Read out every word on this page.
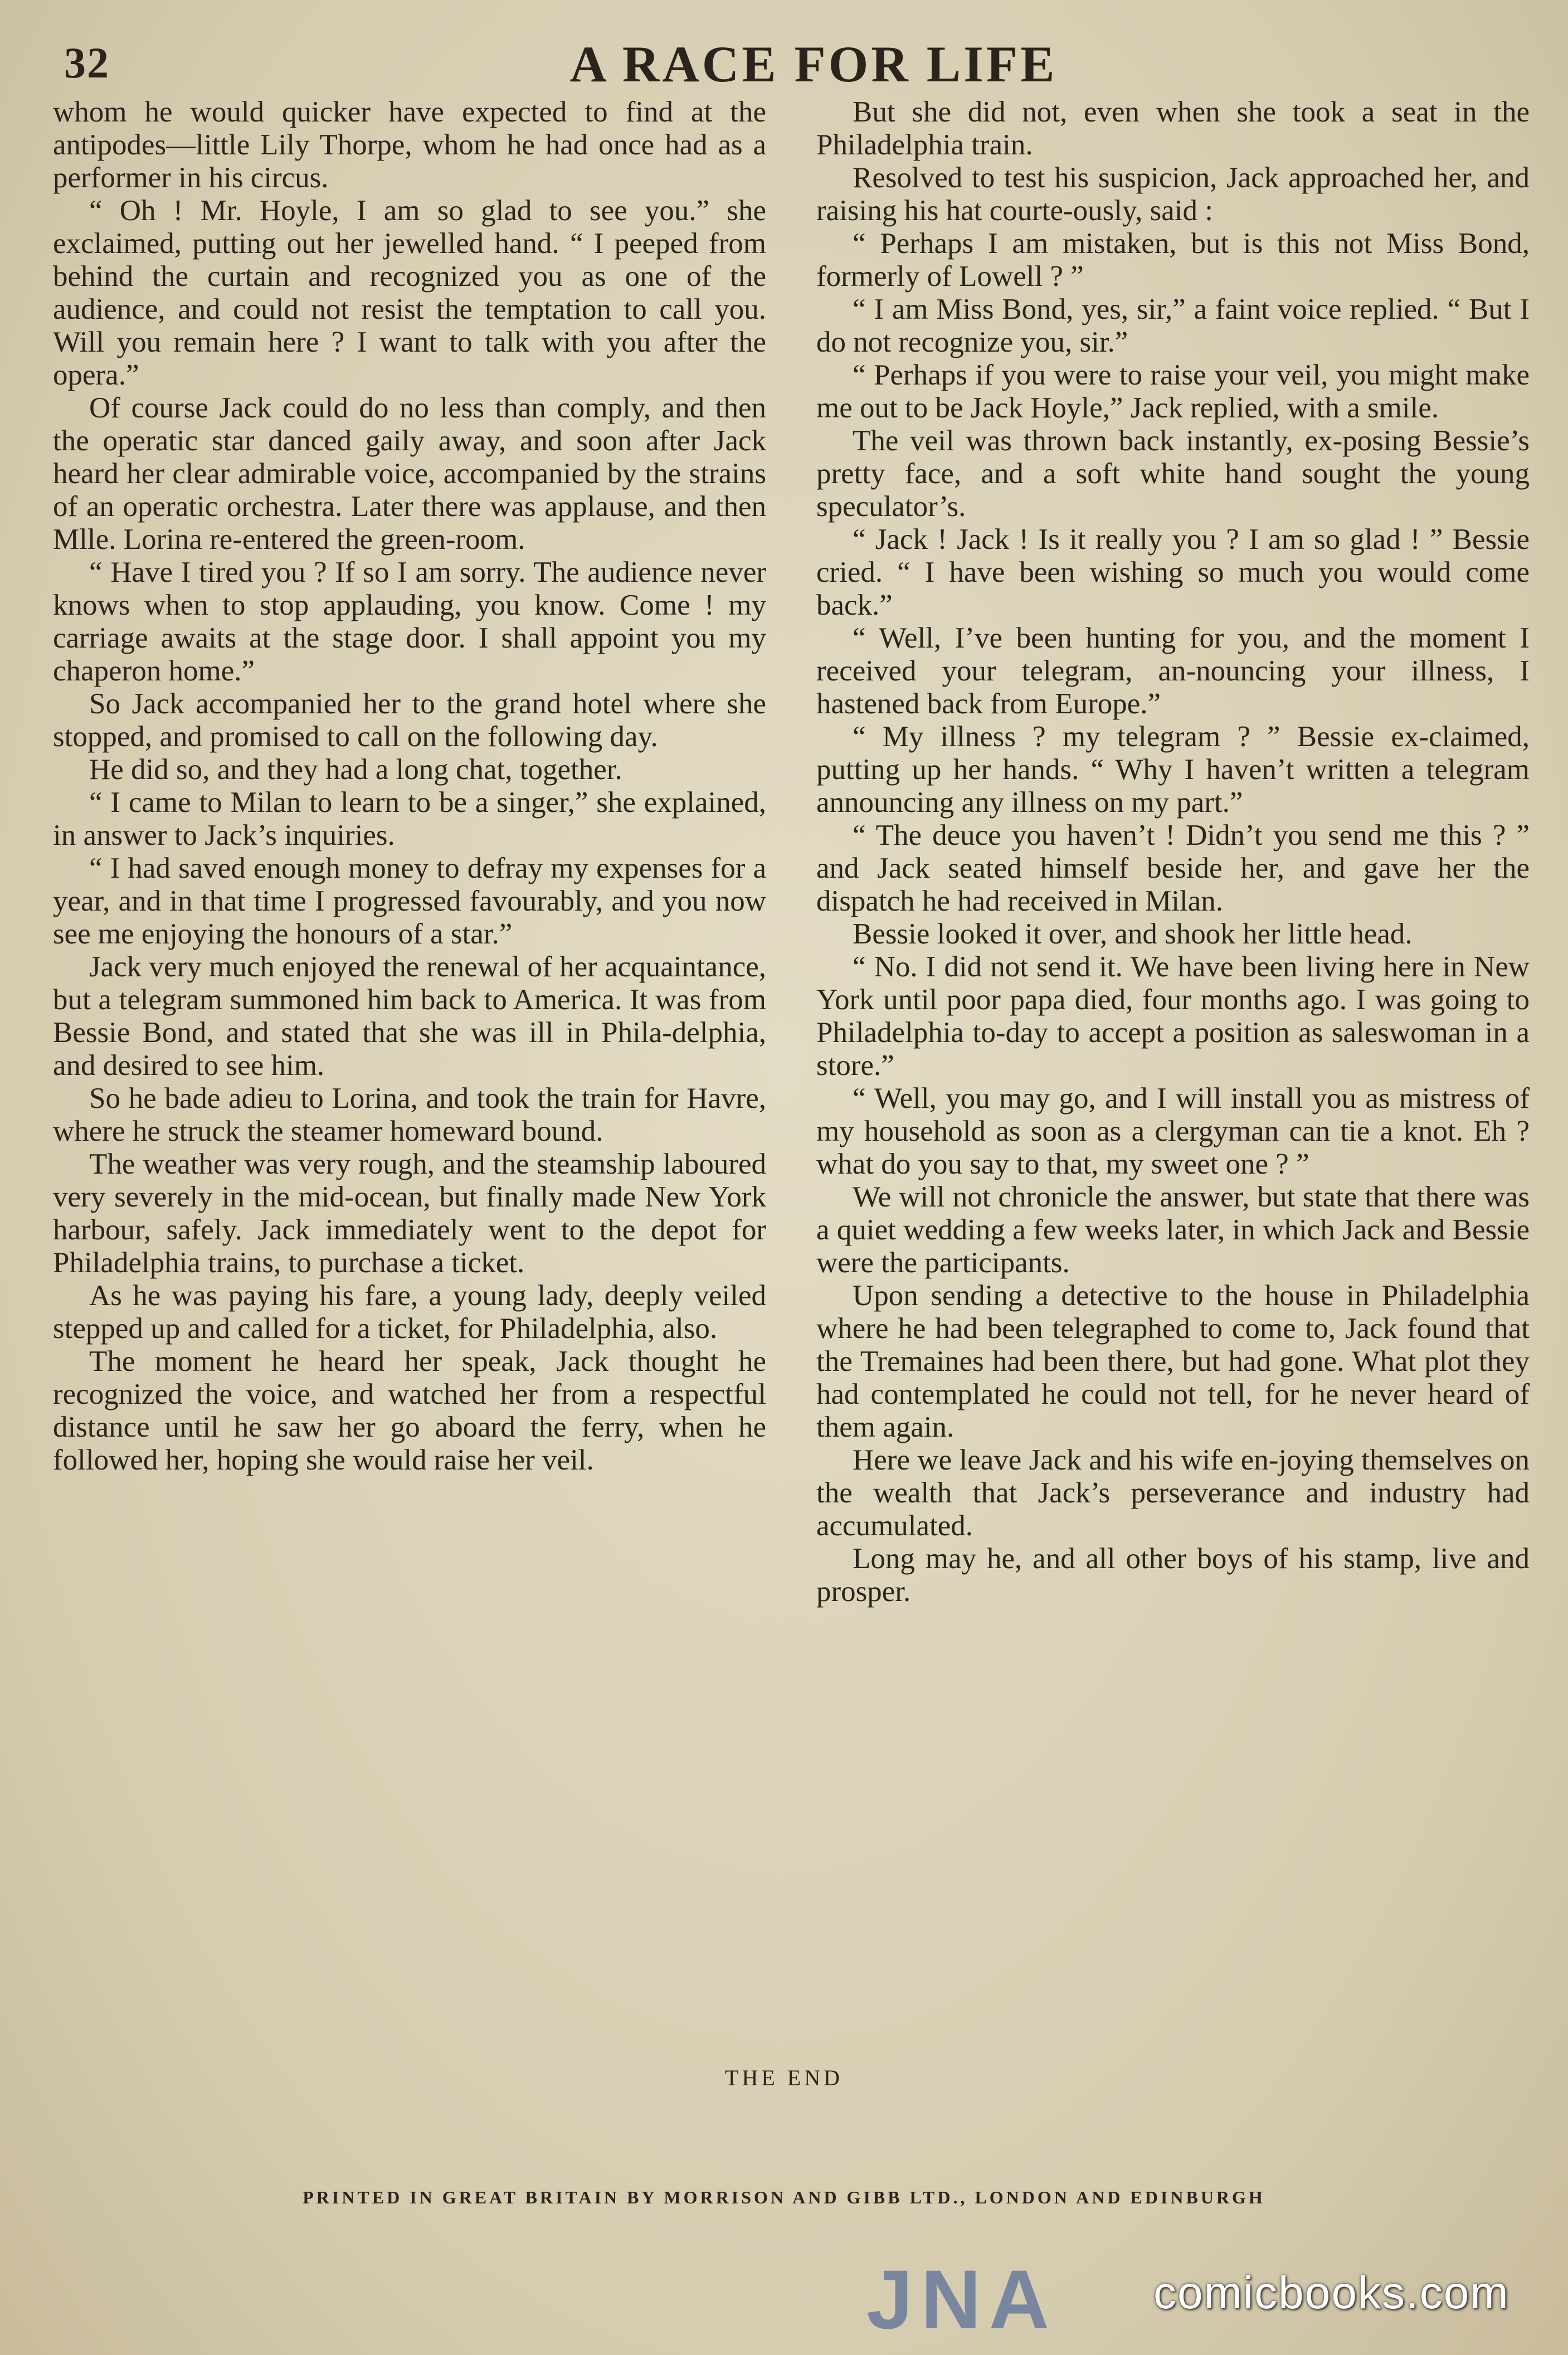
32	A RACE FOR LIFE

whom he would quicker have expected to find at the antipodes—little Lily Thorpe, whom he had once had as a performer in his circus.

“ Oh ! Mr. Hoyle, I am so glad to see you.” she exclaimed, putting out her jewelled hand. “ I peeped from behind the curtain and recognized you as one of the audience, and could not resist the temptation to call you. Will you remain here ? I want to talk with you after the opera.”

Of course Jack could do no less than comply, and then the operatic star danced gaily away, and soon after Jack heard her clear admirable voice, accompanied by the strains of an operatic orchestra. Later there was applause, and then Mlle. Lorina re-entered the green-room.

“ Have I tired you ? If so I am sorry. The audience never knows when to stop applauding, you know. Come ! my carriage awaits at the stage door. I shall appoint you my chaperon home.”

So Jack accompanied her to the grand hotel where she stopped, and promised to call on the following day.

He did so, and they had a long chat, together.

“ I came to Milan to learn to be a singer,” she explained, in answer to Jack’s inquiries.

“ I had saved enough money to defray my expenses for a year, and in that time I progressed favourably, and you now see me enjoying the honours of a star.”

Jack very much enjoyed the renewal of her acquaintance, but a telegram summoned him back to America. It was from Bessie Bond, and stated that she was ill in Phila-delphia, and desired to see him.

So he bade adieu to Lorina, and took the train for Havre, where he struck the steamer homeward bound.

The weather was very rough, and the steamship laboured very severely in the mid-ocean, but finally made New York harbour, safely. Jack immediately went to the depot for Philadelphia trains, to purchase a ticket.

As he was paying his fare, a young lady, deeply veiled stepped up and called for a ticket, for Philadelphia, also.

The moment he heard her speak, Jack thought he recognized the voice, and watched her from a respectful distance until he saw her go aboard the ferry, when he followed her, hoping she would raise her veil.

But she did not, even when she took a seat in the Philadelphia train.

Resolved to test his suspicion, Jack approached her, and raising his hat courte-ously, said :

“ Perhaps I am mistaken, but is this not Miss Bond, formerly of Lowell ? ”

“ I am Miss Bond, yes, sir,” a faint voice replied. “ But I do not recognize you, sir.”

“ Perhaps if you were to raise your veil, you might make me out to be Jack Hoyle,” Jack replied, with a smile.

The veil was thrown back instantly, ex-posing Bessie’s pretty face, and a soft white hand sought the young speculator’s.

“ Jack ! Jack ! Is it really you ? I am so glad ! ” Bessie cried. “ I have been wishing so much you would come back.”

“ Well, I’ve been hunting for you, and the moment I received your telegram, an-nouncing your illness, I hastened back from Europe.”

“ My illness ? my telegram ? ” Bessie ex-claimed, putting up her hands. “ Why I haven’t written a telegram announcing any illness on my part.”

“ The deuce you haven’t ! Didn’t you send me this ? ” and Jack seated himself beside her, and gave her the dispatch he had received in Milan.

Bessie looked it over, and shook her little head.

“ No. I did not send it. We have been living here in New York until poor papa died, four months ago. I was going to Philadelphia to-day to accept a position as saleswoman in a store.”

“ Well, you may go, and I will install you as mistress of my household as soon as a clergyman can tie a knot. Eh ? what do you say to that, my sweet one ? ”

We will not chronicle the answer, but state that there was a quiet wedding a few weeks later, in which Jack and Bessie were the participants.

Upon sending a detective to the house in Philadelphia where he had been telegraphed to come to, Jack found that the Tremaines had been there, but had gone. What plot they had contemplated he could not tell, for he never heard of them again.

Here we leave Jack and his wife en-joying themselves on the wealth that Jack’s perseverance and industry had accumulated.

Long may he, and all other boys of his stamp, live and prosper.

THE END
PRINTED IN GREAT BRITAIN BY MORRISON AND GIBB LTD., LONDON AND EDINBURGH
JNA comicbooks.com
